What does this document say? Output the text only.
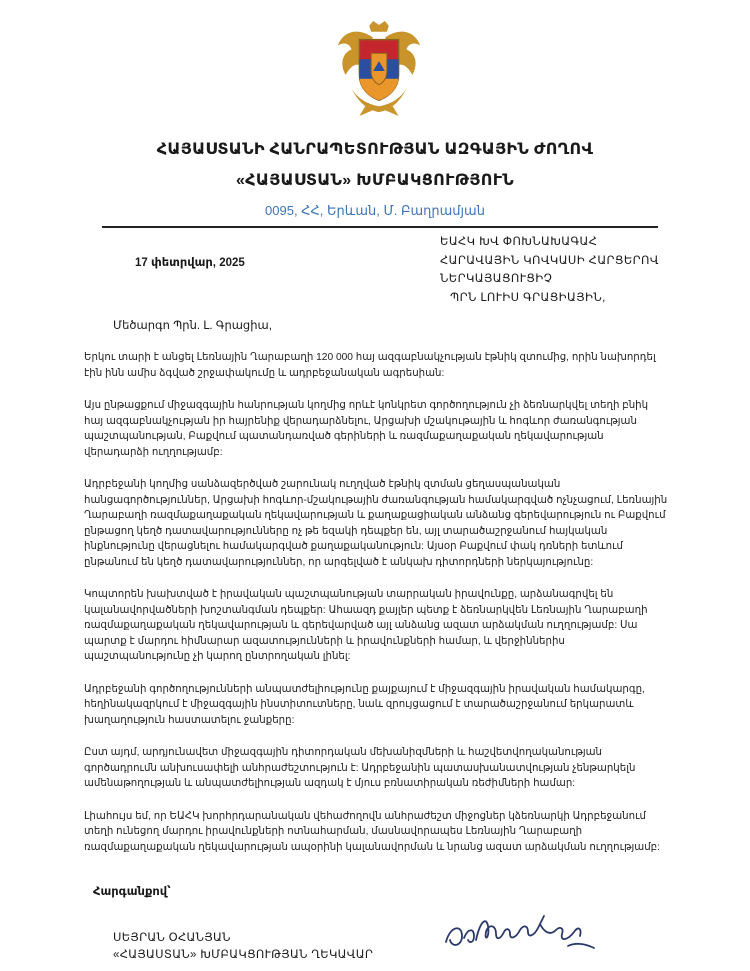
ՀԱՅԱՍՏԱՆԻ ՀԱՆՐԱՊԵՏՈՒԹՅԱՆ ԱԶԳԱՅԻՆ ԺՈՂՈՎ
«ՀԱՅԱՍՏԱՆ» ԽՄԲԱԿՑՈՒԹՅՈՒՆ
0095, ՀՀ, Երևան, Մ. Բաղրամյան
17 փետրվար, 2025
ԵԱՀԿ ԽՎ ՓՈԽՆԱԽԱԳԱՀ
ՀԱՐԱՎԱՅԻՆ ԿՈՎԿԱՍԻ ՀԱՐՑԵՐՈՎ
ՆԵՐԿԱՅԱՑՈՒՑԻՉ
ՊՐՆ ԼՈՒԻՍ ԳՐԱՑԻԱՅԻՆ,
Մեծարգո Պրն. Լ. Գրացիա,

Երկու տարի է անցել Լեռնային Ղարաբաղի 120 000 հայ ազգաբնակչության էթնիկ զտումից, որին նախորդել էին ինն ամիս ձգված շրջափակումը և ադրբեջանական ագրեսիան:

Այս ընթացքում միջազգային հանրության կողմից որևէ կոնկրետ գործողություն չի ձեռնարկվել տեղի բնիկ հայ ազգաբնակչության իր հայրենիք վերադարձնելու, Արցախի մշակութային և հոգևոր ժառանգության պաշտպանության, Բաքվում պատանդառված գերիների և ռազմաքաղաքական ղեկավարության վերադարձի ուղղությամբ:

Ադրբեջանի կողմից սանձազերծված շարունակ ուղղված էթնիկ զտման ցեղասպանական հանցագործություններ, Արցախի հոգևոր-մշակութային ժառանգության համակարգված ոչնչացում, Լեռնային Ղարաբաղի ռազմաքաղաքական ղեկավարության և քաղաքացիական անձանց գերեվարություն ու Բաքվում ընթացող կեղծ դատավարությունները ոչ թե եզակի դեպքեր են, այլ տարածաշրջանում հայկական ինքնությունը վերացնելու համակարգված քաղաքականություն: Այսօր Բաքվում փակ դռների ետևում ընթանում են կեղծ դատավարություններ, որ արգելված է անկախ դիտորդների ներկայությունը:

Կոպտորեն խախտված է իրավական պաշտպանության տարրական իրավունքը, արձանագրվել են կալանավորվածների խոշտանգման դեպքեր: Ահաազդ քայլեր պետք է ձեռնարկվեն Լեռնային Ղարաբաղի ռազմաքաղաքական ղեկավարության և գերեվարված այլ անձանց ազատ արձակման ուղղությամբ: Սա պարտք է մարդու հիմնարար ազատությունների և իրավունքների համար, և վերջիններիս պաշտպանությունը չի կարող ընտրողական լինել:

Ադրբեջանի գործողությունների անպատժելիությունը քայքայում է միջազգային իրավական համակարգը, հեղինակազրկում է միջազգային ինստիտուտները, նաև զրույցացում է տարածաշրջանում երկարատև խաղաղություն հաստատելու ջանքերը:

Ըստ այդմ, արդյունավետ միջազգային դիտորդական մեխանիզմների և հաշվետվողականության գործադրումն անխուսափելի անհրաժեշտություն է: Ադրբեջանին պատասխանատվության չենթարկելն ամենաթողության և անպատժելիության ազդակ է մյուս բռնատիրական ռեժիմների համար:

Լիահույս եմ, որ ԵԱՀԿ խորհրդարանական վեհաժողովն անհրաժեշտ միջոցներ կձեռնարկի Ադրբեջանում տեղի ունեցող մարդու իրավունքների ոտնահարման, մասնավորապես Լեռնային Ղարաբաղի ռազմաքաղաքական ղեկավարության ապօրինի կալանավորման և նրանց ազատ արձակման ուղղությամբ:

Հարգանքով՝
ՍԵՅՐԱՆ ՕՀԱՆՅԱՆ
«ՀԱՅԱՍՏԱՆ» ԽՄԲԱԿՑՈՒԹՅԱՆ ՂԵԿԱՎԱՐ
